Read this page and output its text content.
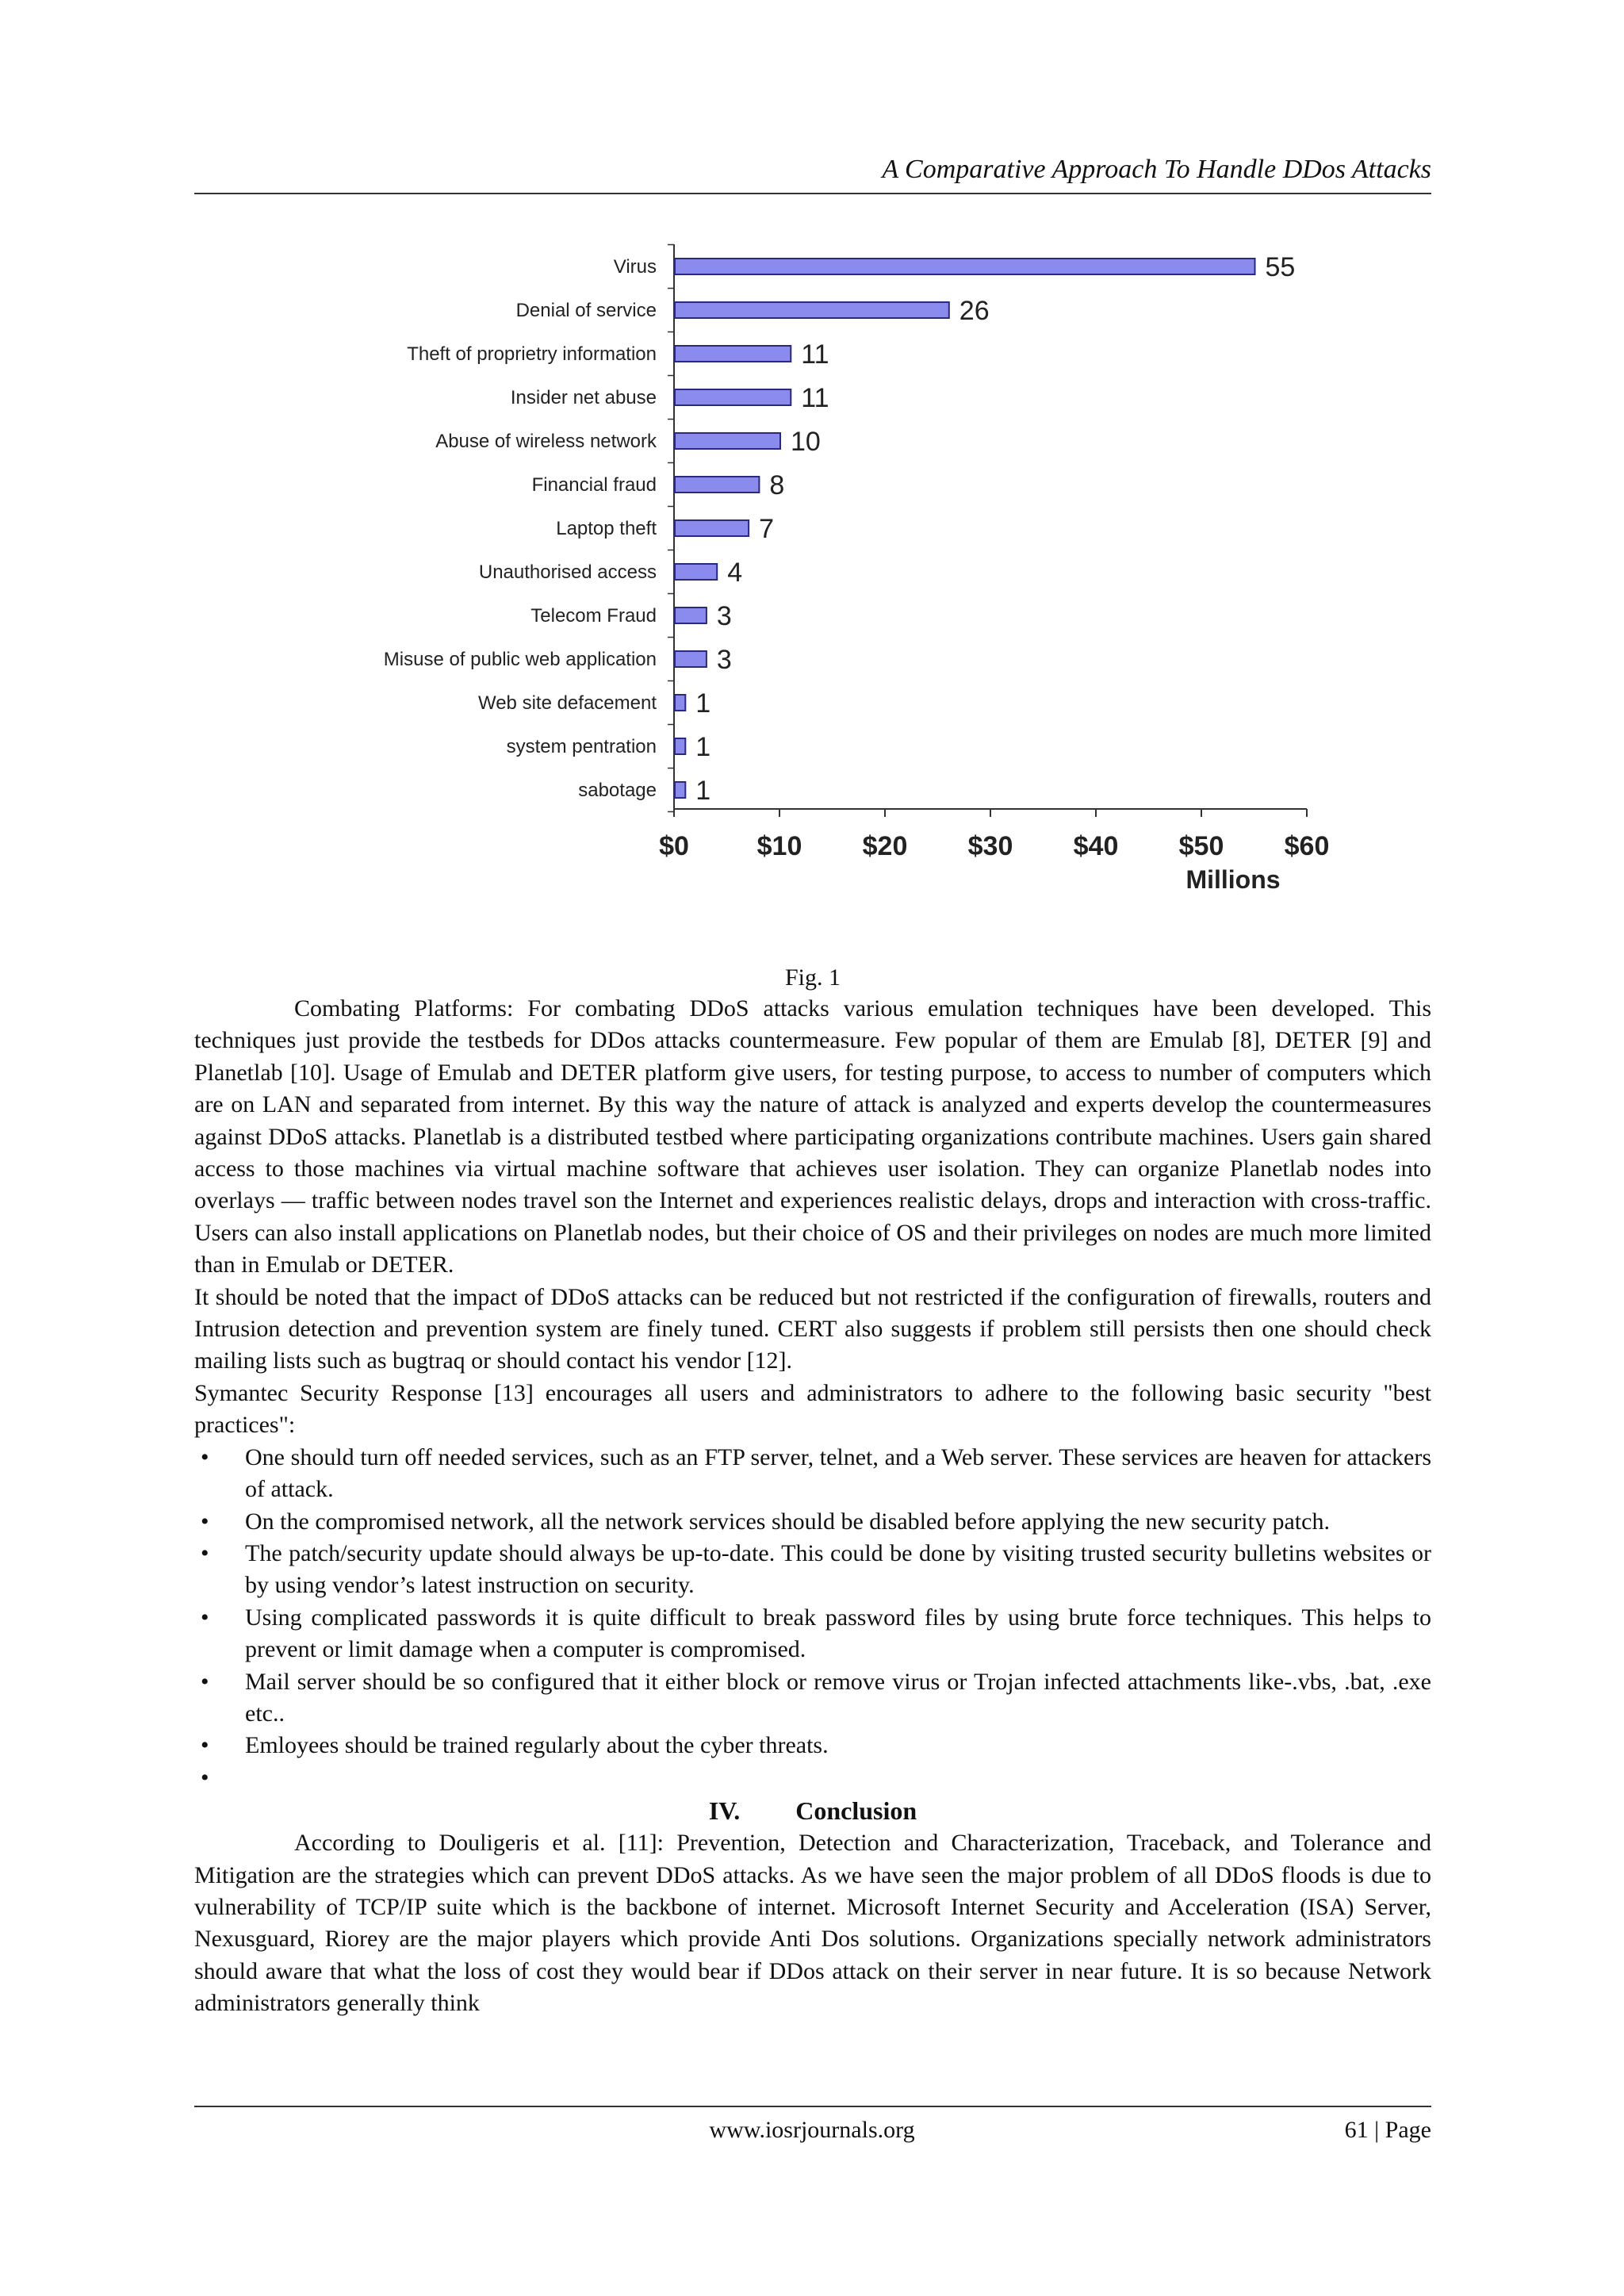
A Comparative Approach To Handle DDos Attacks
Virus	55
Denial of service	26
Theft of proprietry information	11
Insider net abuse	11
Abuse of wireless network	10
Financial fraud	8
Laptop theft	7
Unauthorised access	4
Telecom Fraud 3
Misuse of public web application 3
Web site defacement 1
system pentration 1
sabotage 1
$0	$10 $20 $30 $40 $50 $60
Millions
Fig. 1

Combating Platforms: For combating DDoS attacks various emulation techniques have been developed. This techniques just provide the testbeds for DDos attacks countermeasure. Few popular of them are Emulab [8], DETER [9] and Planetlab [10]. Usage of Emulab and DETER platform give users, for testing purpose, to access to number of computers which are on LAN and separated from internet. By this way the nature of attack is analyzed and experts develop the countermeasures against DDoS attacks. Planetlab is a distributed testbed where participating organizations contribute machines. Users gain shared access to those machines via virtual machine software that achieves user isolation. They can organize Planetlab nodes into overlays — traffic between nodes travel son the Internet and experiences realistic delays, drops and interaction with cross-traffic. Users can also install applications on Planetlab nodes, but their choice of OS and their privileges on nodes are much more limited than in Emulab or DETER.

It should be noted that the impact of DDoS attacks can be reduced but not restricted if the configuration of firewalls, routers and Intrusion detection and prevention system are finely tuned. CERT also suggests if problem still persists then one should check mailing lists such as bugtraq or should contact his vendor [12].

Symantec Security Response [13] encourages all users and administrators to adhere to the following basic security "best practices":

• One should turn off needed services, such as an FTP server, telnet, and a Web server. These services are heaven for attackers of attack.
• On the compromised network, all the network services should be disabled before applying the new security patch.
• The patch/security update should always be up-to-date. This could be done by visiting trusted security bulletins websites or by using vendor’s latest instruction on security.
• Using complicated passwords it is quite difficult to break password files by using brute force techniques. This helps to prevent or limit damage when a computer is compromised.
• Mail server should be so configured that it either block or remove virus or Trojan infected attachments like-.vbs, .bat, .exe etc..
• Emloyees should be trained regularly about the cyber threats.
•
IV. Conclusion

According to Douligeris et al. [11]: Prevention, Detection and Characterization, Traceback, and Tolerance and Mitigation are the strategies which can prevent DDoS attacks. As we have seen the major problem of all DDoS floods is due to vulnerability of TCP/IP suite which is the backbone of internet. Microsoft Internet Security and Acceleration (ISA) Server, Nexusguard, Riorey are the major players which provide Anti Dos solutions. Organizations specially network administrators should aware that what the loss of cost they would bear if DDos attack on their server in near future. It is so because Network administrators generally think

www.iosrjournals.org	61 | Page
